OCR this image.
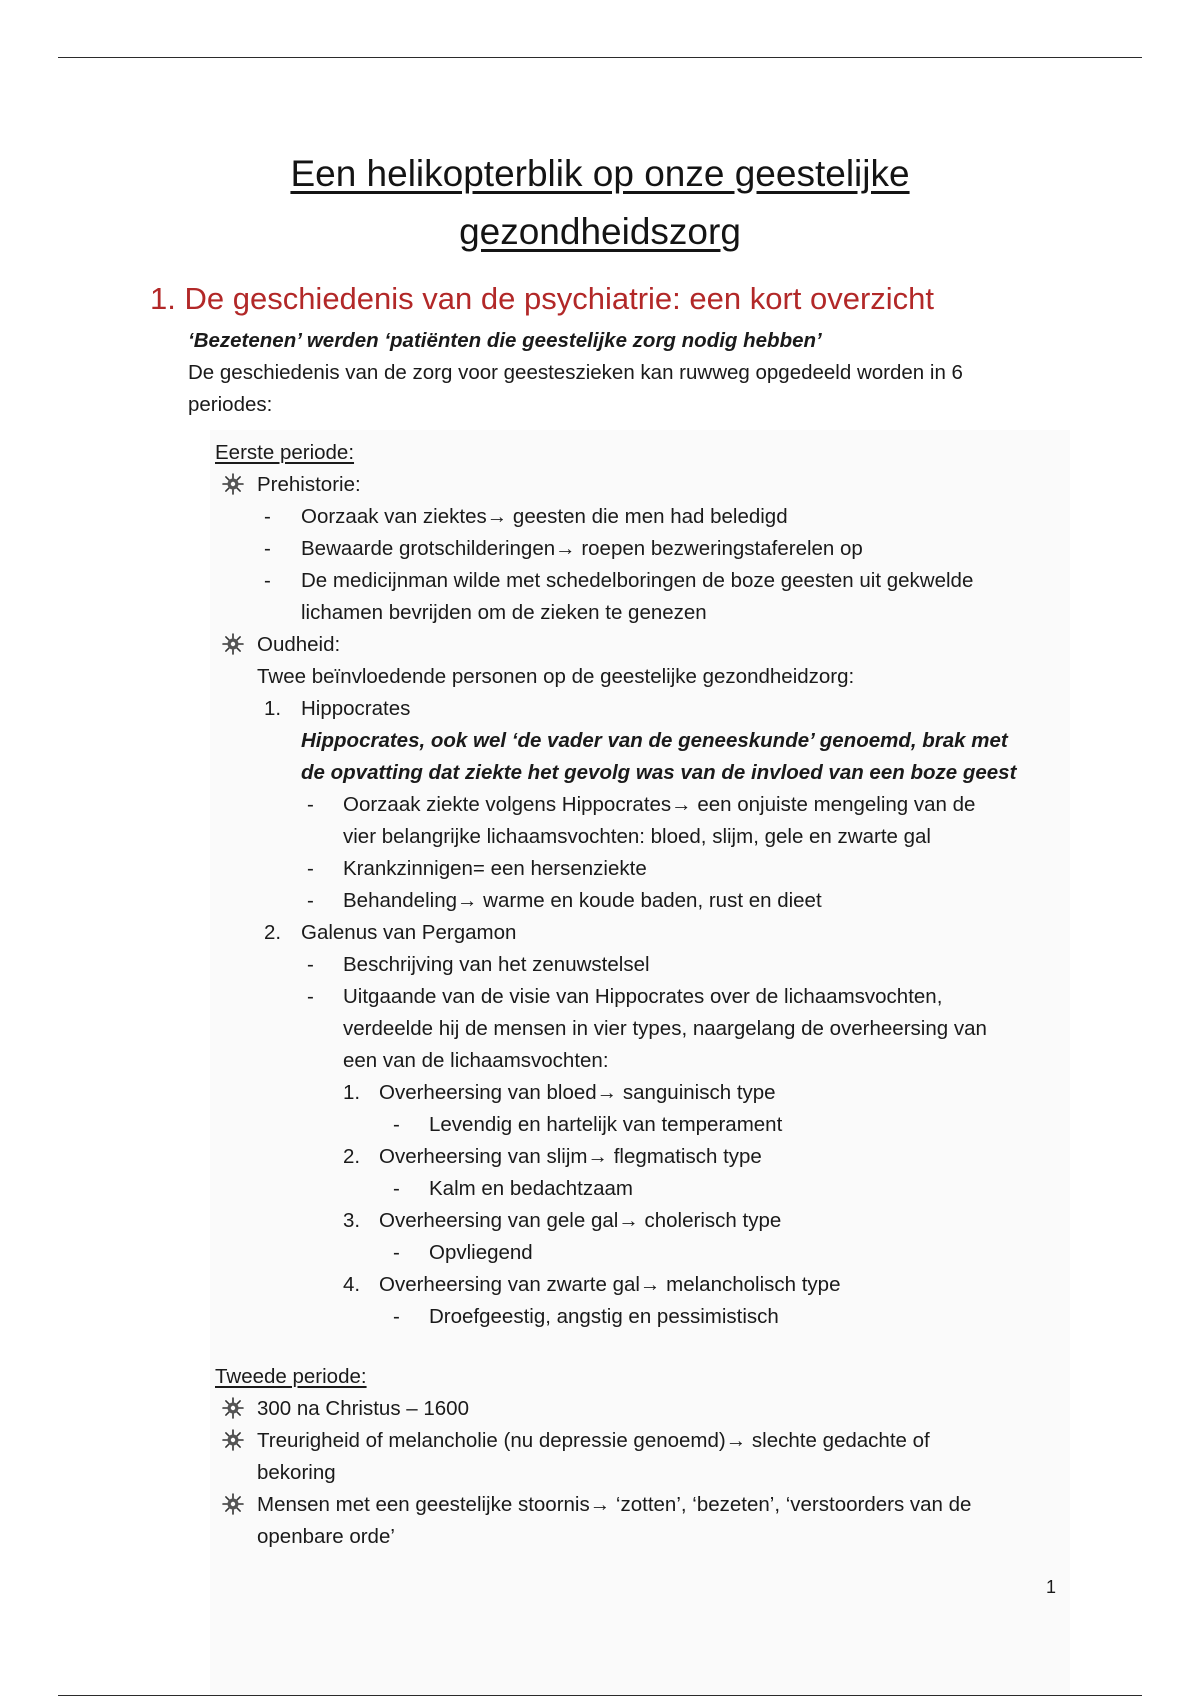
Een helikopterblik op onze geestelijke
gezondheidszorg
1. De geschiedenis van de psychiatrie: een kort overzicht
‘Bezetenen’ werden ‘patiënten die geestelijke zorg nodig hebben’
De geschiedenis van de zorg voor geesteszieken kan ruwweg opgedeeld worden in 6
periodes:
Eerste periode:
Prehistorie:
- Oorzaak van ziektes→ geesten die men had beledigd
- Bewaarde grotschilderingen→ roepen bezweringstaferelen op
- De medicijnman wilde met schedelboringen de boze geesten uit gekwelde
lichamen bevrijden om de zieken te genezen
Oudheid:
Twee beïnvloedende personen op de geestelijke gezondheidzorg:
1. Hippocrates
Hippocrates, ook wel ‘de vader van de geneeskunde’ genoemd, brak met
de opvatting dat ziekte het gevolg was van de invloed van een boze geest
- Oorzaak ziekte volgens Hippocrates→ een onjuiste mengeling van de
vier belangrijke lichaamsvochten: bloed, slijm, gele en zwarte gal
- Krankzinnigen= een hersenziekte
- Behandeling→ warme en koude baden, rust en dieet
2. Galenus van Pergamon
- Beschrijving van het zenuwstelsel
- Uitgaande van de visie van Hippocrates over de lichaamsvochten,
verdeelde hij de mensen in vier types, naargelang de overheersing van
een van de lichaamsvochten:
1. Overheersing van bloed→ sanguinisch type
- Levendig en hartelijk van temperament
2. Overheersing van slijm→ flegmatisch type
- Kalm en bedachtzaam
3. Overheersing van gele gal→ cholerisch type
- Opvliegend
4. Overheersing van zwarte gal→ melancholisch type
- Droefgeestig, angstig en pessimistisch
Tweede periode:
300 na Christus – 1600
Treurigheid of melancholie (nu depressie genoemd)→ slechte gedachte of
bekoring
Mensen met een geestelijke stoornis→ ‘zotten’, ‘bezeten’, ‘verstoorders van de
openbare orde’
1
